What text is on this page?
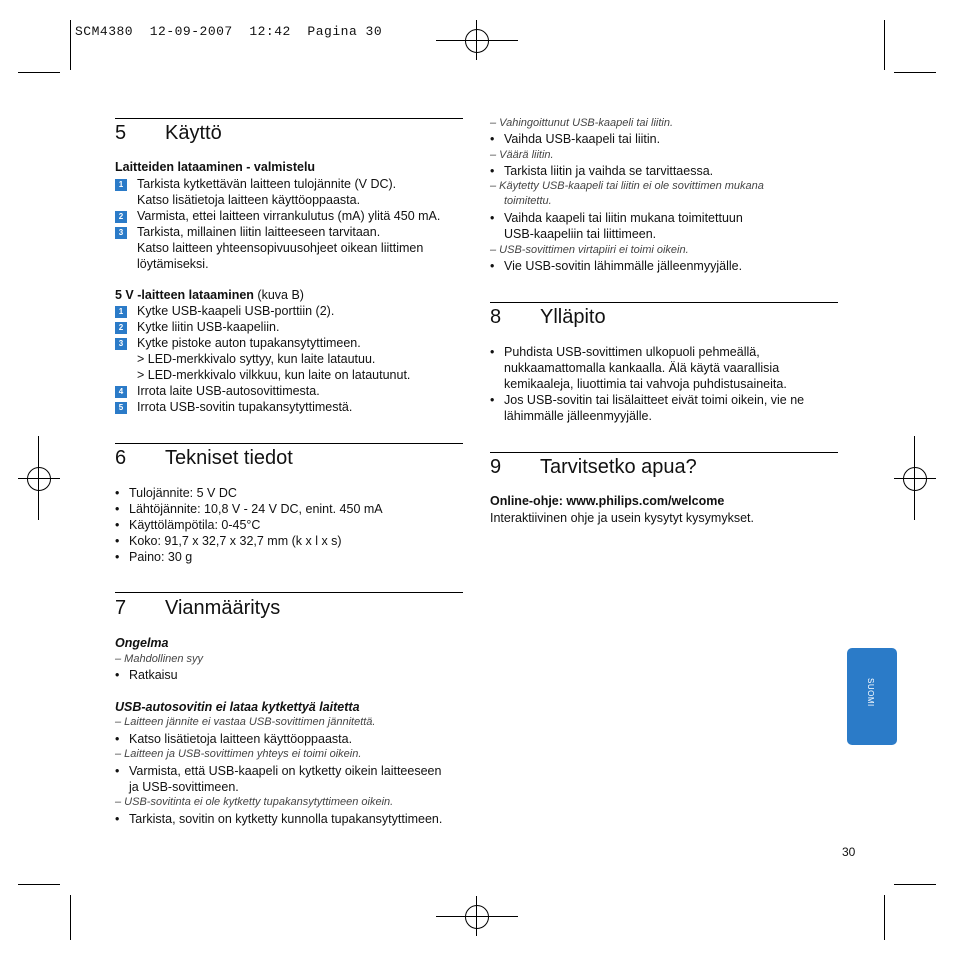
SCM4380  12-09-2007  12:42  Pagina 30
5 Käyttö
Laitteiden lataaminen - valmistelu
1 Tarkista kytkettävän laitteen tulojännite (V DC).
Katso lisätietoja laitteen käyttöoppaasta.
2 Varmista, ettei laitteen virrankulutus (mA) ylitä 450 mA.
3 Tarkista, millainen liitin laitteeseen tarvitaan.
Katso laitteen yhteensopivuusohjeet oikean liittimen
löytämiseksi.
5 V -laitteen lataaminen (kuva B)
1 Kytke USB-kaapeli USB-porttiin (2).
2 Kytke liitin USB-kaapeliin.
3 Kytke pistoke auton tupakansytyttimeen.
> LED-merkkivalo syttyy, kun laite latautuu.
> LED-merkkivalo vilkkuu, kun laite on latautunut.
4 Irrota laite USB-autosovittimesta.
5 Irrota USB-sovitin tupakansytyttimestä.
6 Tekniset tiedot
• Tulojännite: 5 V DC
• Lähtöjännite: 10,8 V - 24 V DC, enint. 450 mA
• Käyttölämpötila: 0-45°C
• Koko: 91,7 x 32,7 x 32,7 mm (k x l x s)
• Paino: 30 g
7 Vianmääritys
Ongelma
– Mahdollinen syy
• Ratkaisu
USB-autosovitin ei lataa kytkettyä laitetta
– Laitteen jännite ei vastaa USB-sovittimen jännitettä.
• Katso lisätietoja laitteen käyttöoppaasta.
– Laitteen ja USB-sovittimen yhteys ei toimi oikein.
• Varmista, että USB-kaapeli on kytketty oikein laitteeseen
ja USB-sovittimeen.
– USB-sovitinta ei ole kytketty tupakansytyttimeen oikein.
• Tarkista, sovitin on kytketty kunnolla tupakansytyttimeen.
– Vahingoittunut USB-kaapeli tai liitin.
• Vaihda USB-kaapeli tai liitin.
– Väärä liitin.
• Tarkista liitin ja vaihda se tarvittaessa.
– Käytetty USB-kaapeli tai liitin ei ole sovittimen mukana
toimitettu.
• Vaihda kaapeli tai liitin mukana toimitettuun
USB-kaapeliin tai liittimeen.
– USB-sovittimen virtapiiri ei toimi oikein.
• Vie USB-sovitin lähimmälle jälleenmyyjälle.
8 Ylläpito
• Puhdista USB-sovittimen ulkopuoli pehmeällä,
nukkaamattomalla kankaalla. Älä käytä vaarallisia
kemikaaleja, liuottimia tai vahvoja puhdistusaineita.
• Jos USB-sovitin tai lisälaitteet eivät toimi oikein, vie ne
lähimmälle jälleenmyyjälle.
9 Tarvitsetko apua?
Online-ohje: www.philips.com/welcome
Interaktiivinen ohje ja usein kysytyt kysymykset.
SUOMI
30
